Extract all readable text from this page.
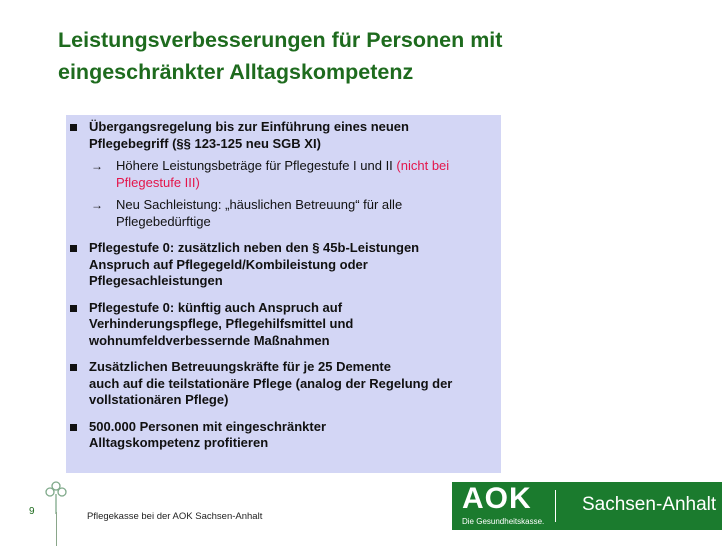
Leistungsverbesserungen für Personen mit
eingeschränkter Alltagskompetenz
Übergangsregelung bis zur Einführung eines neuen
Pflegebegriff (§§ 123-125 neu SGB XI)
→ Höhere Leistungsbeträge für Pflegestufe I und II (nicht bei
Pflegestufe III)
→ Neu Sachleistung: „häuslichen Betreuung“ für alle
Pflegebedürftige
Pflegestufe 0: zusätzlich neben den § 45b-Leistungen
Anspruch auf Pflegegeld/Kombileistung oder
Pflegesachleistungen
Pflegestufe 0: künftig auch Anspruch auf
Verhinderungspflege, Pflegehilfsmittel und
wohnumfeldverbessernde Maßnahmen
Zusätzlichen Betreuungskräfte für je 25 Demente
auch auf die teilstationäre Pflege (analog der Regelung der
vollstationären Pflege)
500.000 Personen mit eingeschränkter
Alltagskompetenz profitieren
9	Pflegekasse bei der AOK Sachsen-Anhalt
AOK
Die Gesundheitskasse.
Sachsen-Anhalt
